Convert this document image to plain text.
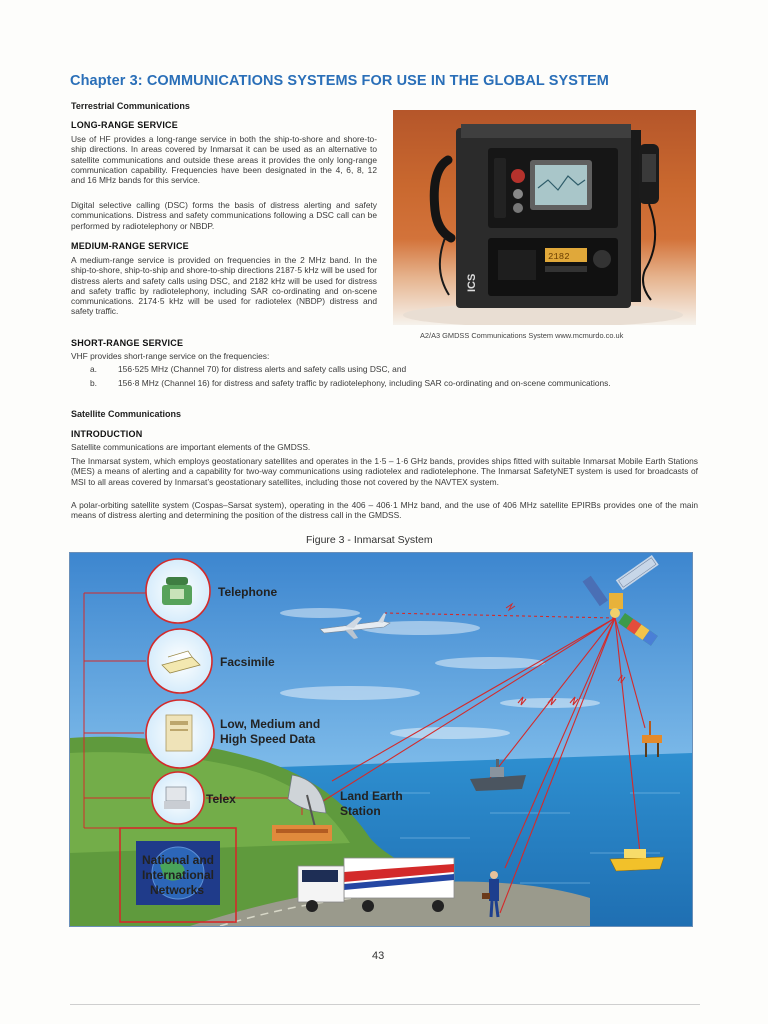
Chapter 3: COMMUNICATIONS SYSTEMS FOR USE IN THE GLOBAL SYSTEM
Terrestrial Communications
LONG-RANGE SERVICE
Use of HF provides a long-range service in both the ship-to-shore and shore-to-ship directions. In areas covered by Inmarsat it can be used as an alternative to satellite communications and outside these areas it provides the only long-range communication capability. Frequencies have been designated in the 4, 6, 8, 12 and 16 MHz bands for this service.
Digital selective calling (DSC) forms the basis of distress alerting and safety communications. Distress and safety communications following a DSC call can be performed by radiotelephony or NBDP.
MEDIUM-RANGE SERVICE
A medium-range service is provided on frequencies in the 2 MHz band. In the ship-to-shore, ship-to-ship and shore-to-ship directions 2187·5 kHz will be used for distress alerts and safety calls using DSC, and 2182 kHz will be used for distress and safety traffic by radiotelephony, including SAR co-ordinating and on-scene communications. 2174·5 kHz will be used for radiotelex (NBDP) distress and safety traffic.
2182
ICS
A2/A3 GMDSS Communications System www.mcmurdo.co.uk
SHORT-RANGE SERVICE
VHF provides short-range service on the frequencies:
a.	156·525 MHz (Channel 70) for distress alerts and safety calls using DSC, and
b.	156·8 MHz (Channel 16) for distress and safety traffic by radiotelephony, including SAR co-ordinating and on-scene communications.
Satellite Communications
INTRODUCTION
Satellite communications are important elements of the GMDSS.
The Inmarsat system, which employs geostationary satellites and operates in the 1·5 – 1·6 GHz bands, provides ships fitted with suitable Inmarsat Mobile Earth Stations (MES) a means of alerting and a capability for two-way communications using radiotelex and radiotelephone. The Inmarsat SafetyNET system is used for broadcasts of MSI to all areas covered by Inmarsat’s geostationary satellites, including those not covered by the NAVTEX system.
A polar-orbiting satellite system (Cospas–Sarsat system), operating in the 406 – 406·1 MHz band, and the use of 406 MHz satellite EPIRBs provides one of the main means of distress alerting and determining the position of the distress call in the GMDSS.
Figure 3 - Inmarsat System
Telephone
Facsimile
Low, Medium and
High Speed Data
Telex	Land Earth
Station
National and
International
Networks
43
